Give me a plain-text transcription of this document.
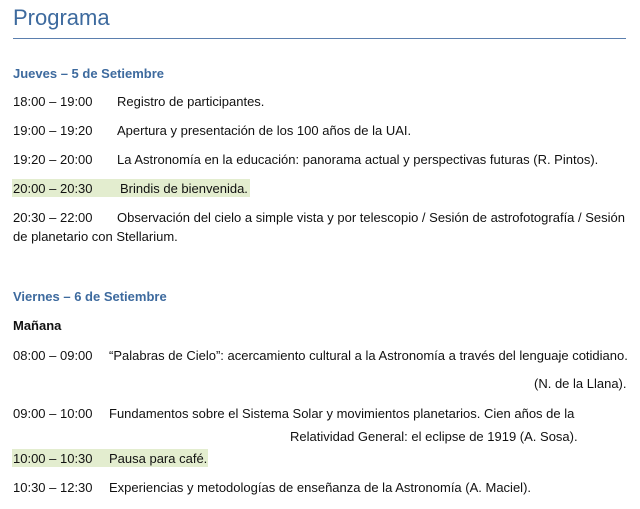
Programa
Jueves – 5 de Setiembre
18:00 – 19:00 Registro de participantes.
19:00 – 19:20 Apertura y presentación de los 100 años de la UAI.
19:20 – 20:00 La Astronomía en la educación: panorama actual y perspectivas futuras (R. Pintos).
20:00 – 20:30 Brindis de bienvenida.
20:30 – 22:00 Observación del cielo a simple vista y por telescopio / Sesión de astrofotografía / Sesión
de planetario con Stellarium.
Viernes – 6 de Setiembre
Mañana
08:00 – 09:00 “Palabras de Cielo”: acercamiento cultural a la Astronomía a través del lenguaje cotidiano.
(N. de la Llana).
09:00 – 10:00 Fundamentos sobre el Sistema Solar y movimientos planetarios. Cien años de la
Relatividad General: el eclipse de 1919 (A. Sosa).
10:00 – 10:30 Pausa para café.
10:30 – 12:30 Experiencias y metodologías de enseñanza de la Astronomía (A. Maciel).
